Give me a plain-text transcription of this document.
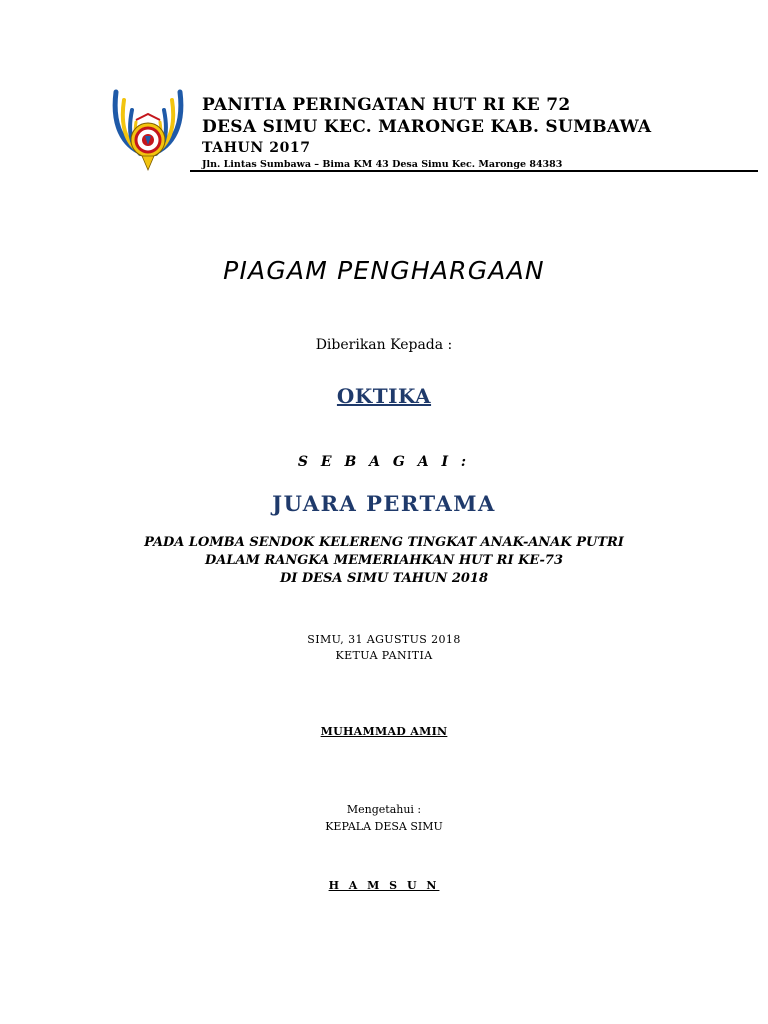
PANITIA PERINGATAN HUT RI KE 72
DESA SIMU KEC. MARONGE KAB. SUMBAWA
TAHUN 2017
Jln. Lintas Sumbawa – Bima KM 43 Desa Simu Kec. Maronge 84383
PIAGAM PENGHARGAAN
Diberikan Kepada :
OKTIKA
S E B A G A I :
JUARA PERTAMA
PADA LOMBA SENDOK KELERENG TINGKAT ANAK-ANAK PUTRI
DALAM RANGKA MEMERIAHKAN HUT RI KE-73
DI DESA SIMU TAHUN 2018
SIMU, 31 AGUSTUS 2018
KETUA PANITIA
MUHAMMAD AMIN
Mengetahui :
KEPALA DESA SIMU
H A M S U N
